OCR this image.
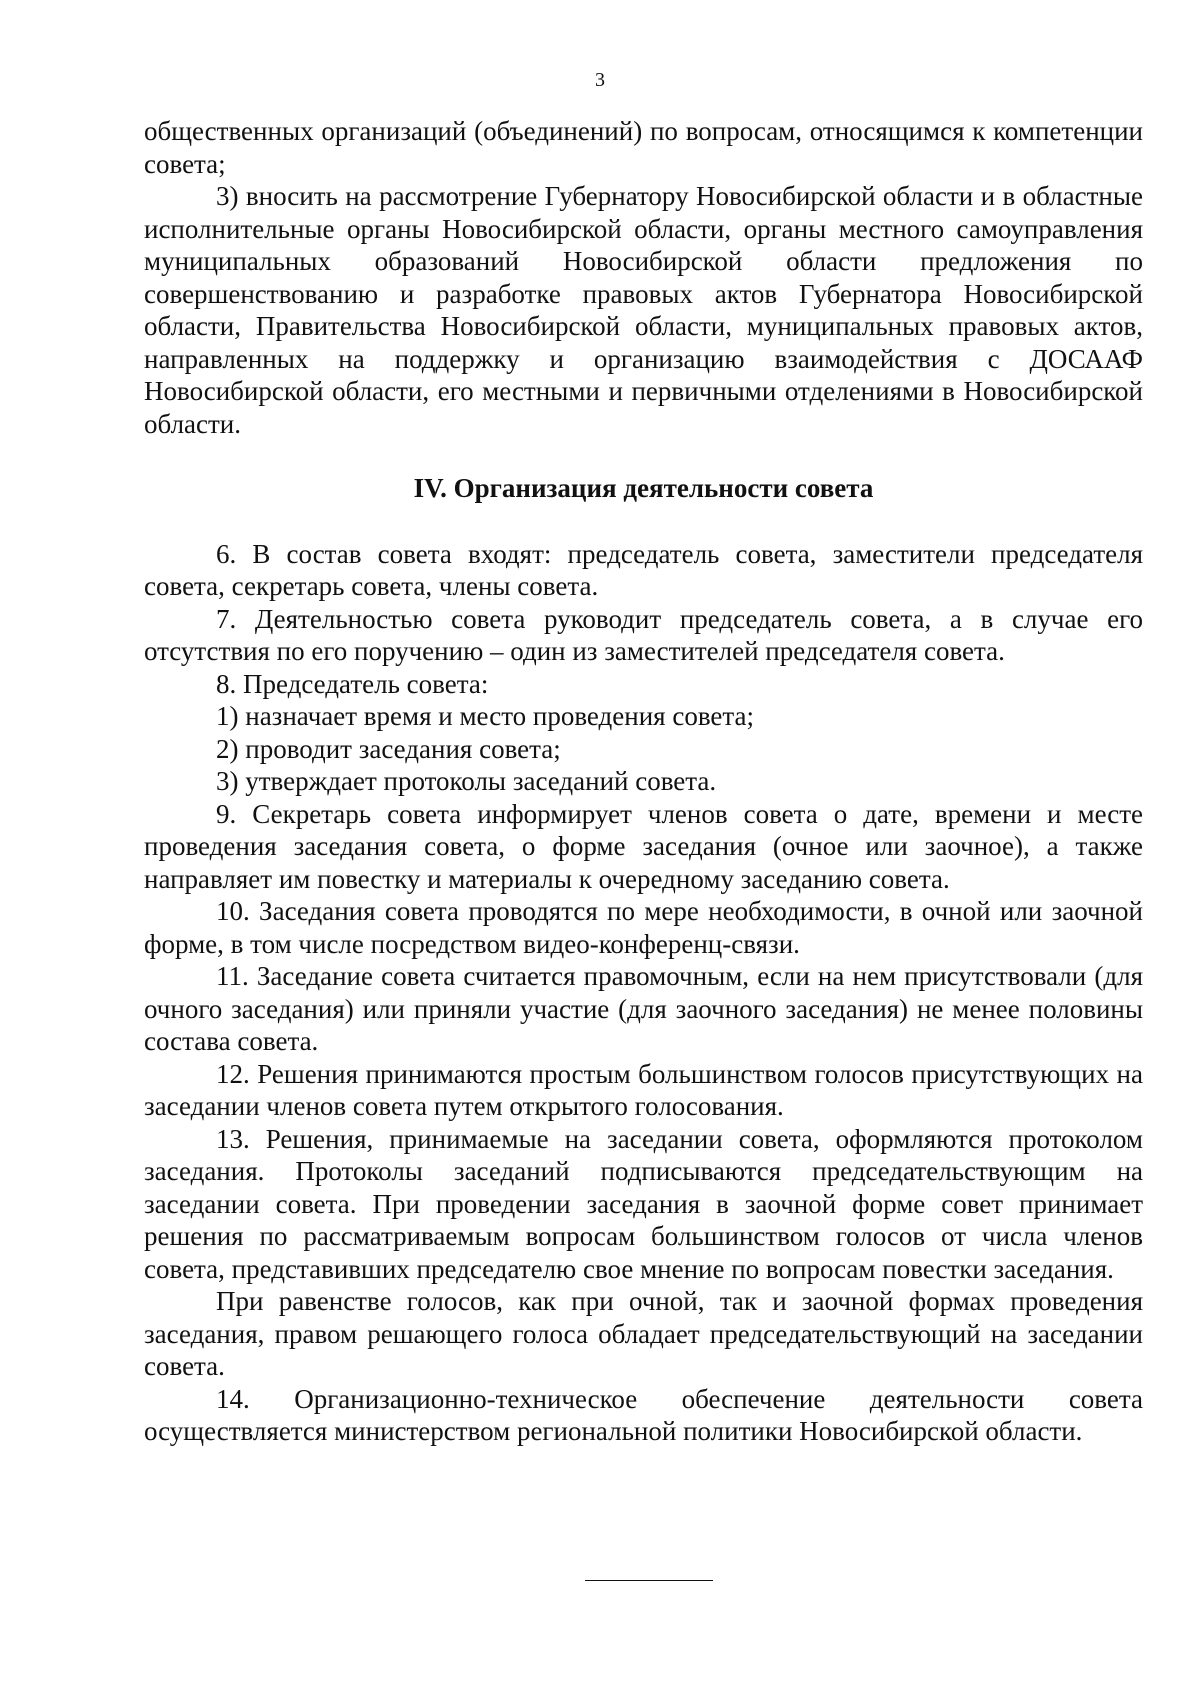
3

общественных организаций (объединений) по вопросам, относящимся к компетенции совета;

3) вносить на рассмотрение Губернатору Новосибирской области и в областные исполнительные органы Новосибирской области, органы местного самоуправления муниципальных образований Новосибирской области предложения по совершенствованию и разработке правовых актов Губернатора Новосибирской области, Правительства Новосибирской области, муниципальных правовых актов, направленных на поддержку и организацию взаимодействия с ДОСААФ Новосибирской области, его местными и первичными отделениями в Новосибирской области.

IV. Организация деятельности совета

6. В состав совета входят: председатель совета, заместители председателя совета, секретарь совета, члены совета.

7. Деятельностью совета руководит председатель совета, а в случае его отсутствия по его поручению – один из заместителей председателя совета.

8. Председатель совета:

1) назначает время и место проведения совета;

2) проводит заседания совета;

3) утверждает протоколы заседаний совета.

9. Секретарь совета информирует членов совета о дате, времени и месте проведения заседания совета, о форме заседания (очное или заочное), а также направляет им повестку и материалы к очередному заседанию совета.

10. Заседания совета проводятся по мере необходимости, в очной или заочной форме, в том числе посредством видео-конференц-связи.

11. Заседание совета считается правомочным, если на нем присутствовали (для очного заседания) или приняли участие (для заочного заседания) не менее половины состава совета.

12. Решения принимаются простым большинством голосов присутствующих на заседании членов совета путем открытого голосования.

13. Решения, принимаемые на заседании совета, оформляются протоколом заседания. Протоколы заседаний подписываются председательствующим на заседании совета. При проведении заседания в заочной форме совет принимает решения по рассматриваемым вопросам большинством голосов от числа членов совета, представивших председателю свое мнение по вопросам повестки заседания.

При равенстве голосов, как при очной, так и заочной формах проведения заседания, правом решающего голоса обладает председательствующий на заседании совета.

14. Организационно-техническое обеспечение деятельности совета осуществляется министерством региональной политики Новосибирской области.
